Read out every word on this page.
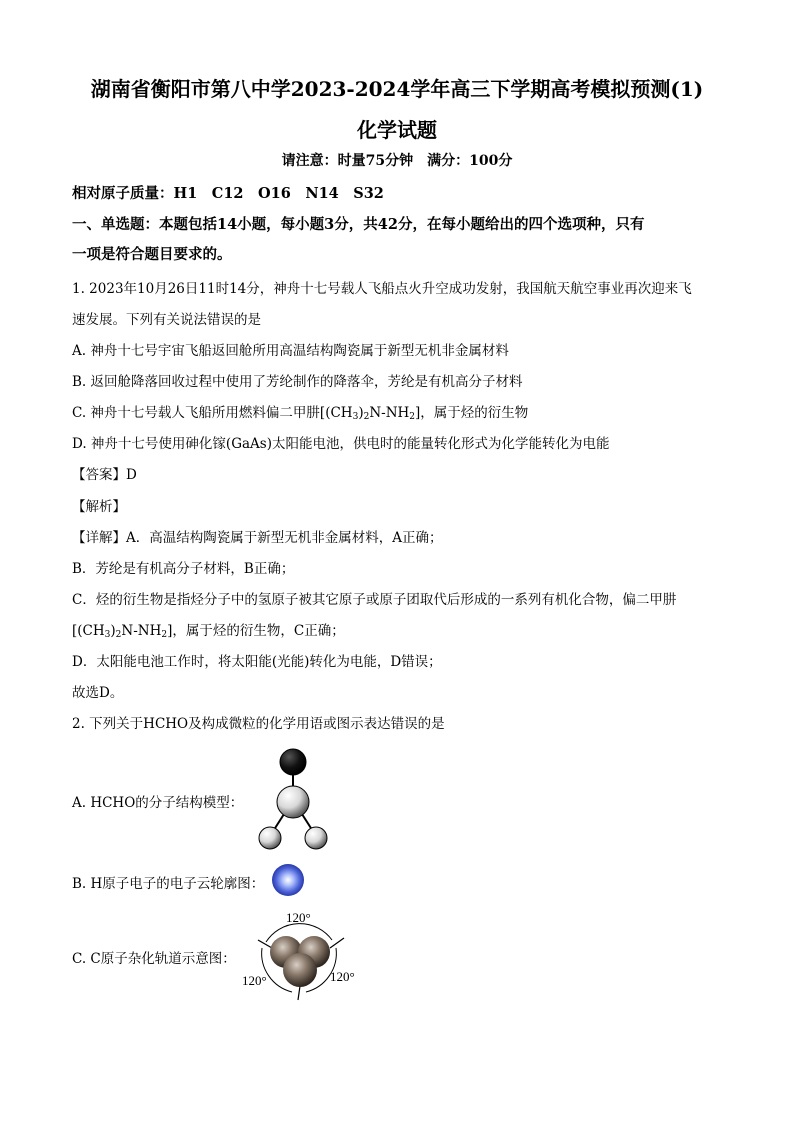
湖南省衡阳市第八中学2023-2024学年高三下学期高考模拟预测(1)
化学试题
请注意：时量75分钟　满分：100分
相对原子质量：H1　C12　O16　N14　S32
一、单选题：本题包括14小题，每小题3分，共42分，在每小题给出的四个选项种，只有
一项是符合题目要求的。
1. 2023年10月26日11时14分，神舟十七号载人飞船点火升空成功发射，我国航天航空事业再次迎来飞
速发展。下列有关说法错误的是
A. 神舟十七号宇宙飞船返回舱所用高温结构陶瓷属于新型无机非金属材料
B. 返回舱降落回收过程中使用了芳纶制作的降落伞，芳纶是有机高分子材料
C. 神舟十七号载人飞船所用燃料偏二甲肼$[(CH_3)_2N-NH_2]$，属于烃的衍生物
D. 神舟十七号使用砷化镓(GaAs)太阳能电池，供电时的能量转化形式为化学能转化为电能
【答案】D
【解析】
【详解】A．高温结构陶瓷属于新型无机非金属材料，A正确；
B．芳纶是有机高分子材料，B正确；
C．烃的衍生物是指烃分子中的氢原子被其它原子或原子团取代后形成的一系列有机化合物，偏二甲肼
$[(CH_3)_2N-NH_2]$，属于烃的衍生物，C正确；
D．太阳能电池工作时，将太阳能(光能)转化为电能，D错误；
故选D。
2. 下列关于HCHO及构成微粒的化学用语或图示表达错误的是
A. HCHO的分子结构模型：
B. H原子电子的电子云轮廓图：
C. C原子杂化轨道示意图：
120°
120°
120°
